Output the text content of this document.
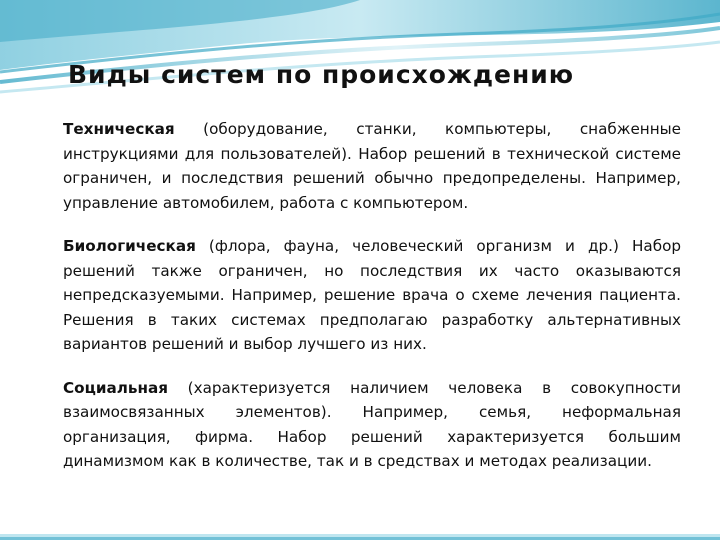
Виды систем по происхождению

Техническая (оборудование, станки, компьютеры, снабженные инструкциями для пользователей). Набор решений в технической системе ограничен, и последствия решений обычно предопределены. Например, управление автомобилем, работа с компьютером.

Биологическая (флора, фауна, человеческий организм и др.) Набор решений также ограничен, но последствия их часто оказываются непредсказуемыми. Например, решение врача о схеме лечения пациента. Решения в таких системах предполагаю разработку альтернативных вариантов решений и выбор лучшего из них.

Социальная (характеризуется наличием человека в совокупности взаимосвязанных элементов). Например, семья, неформальная организация, фирма. Набор решений характеризуется большим динамизмом как в количестве, так и в средствах и методах реализации.
